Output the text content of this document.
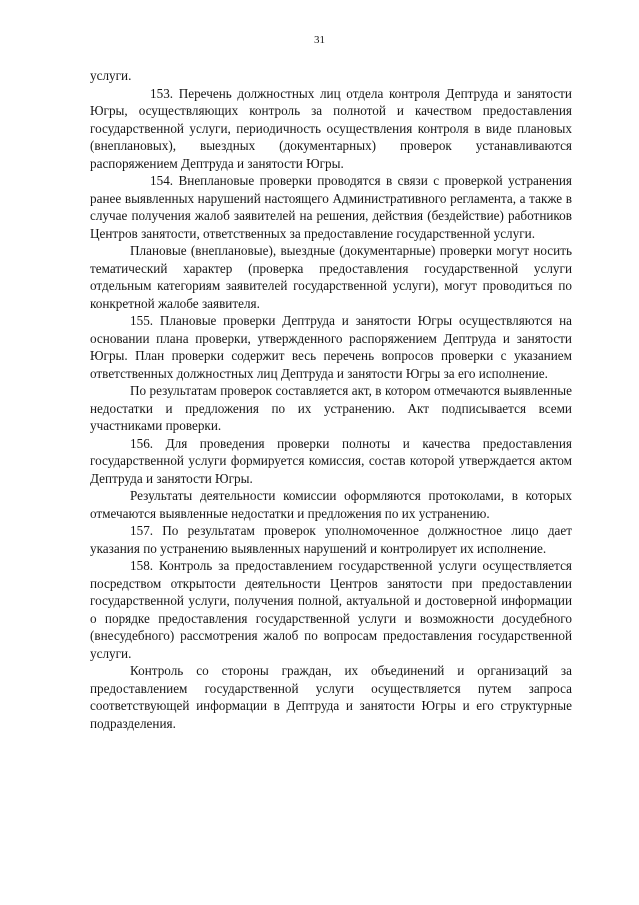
31

услуги.

153. Перечень должностных лиц отдела контроля Дептруда и занятости Югры, осуществляющих контроль за полнотой и качеством предоставления государственной услуги, периодичность осуществления контроля в виде плановых (внеплановых), выездных (документарных) проверок устанавливаются распоряжением Дептруда и занятости Югры.

154. Внеплановые проверки проводятся в связи с проверкой устранения ранее выявленных нарушений настоящего Административного регламента, а также в случае получения жалоб заявителей на решения, действия (бездействие) работников Центров занятости, ответственных за предоставление государственной услуги.

Плановые (внеплановые), выездные (документарные) проверки могут носить тематический характер (проверка предоставления государственной услуги отдельным категориям заявителей государственной услуги), могут проводиться по конкретной жалобе заявителя.

155. Плановые проверки Дептруда и занятости Югры осуществляются на основании плана проверки, утвержденного распоряжением Дептруда и занятости Югры. План проверки содержит весь перечень вопросов проверки с указанием ответственных должностных лиц Дептруда и занятости Югры за его исполнение.

По результатам проверок составляется акт, в котором отмечаются выявленные недостатки и предложения по их устранению. Акт подписывается всеми участниками проверки.

156. Для проведения проверки полноты и качества предоставления государственной услуги формируется комиссия, состав которой утверждается актом Дептруда и занятости Югры.

Результаты деятельности комиссии оформляются протоколами, в которых отмечаются выявленные недостатки и предложения по их устранению.

157. По результатам проверок уполномоченное должностное лицо дает указания по устранению выявленных нарушений и контролирует их исполнение.

158. Контроль за предоставлением государственной услуги осуществляется посредством открытости деятельности Центров занятости при предоставлении государственной услуги, получения полной, актуальной и достоверной информации о порядке предоставления государственной услуги и возможности досудебного (внесудебного) рассмотрения жалоб по вопросам предоставления государственной услуги.

Контроль со стороны граждан, их объединений и организаций за предоставлением государственной услуги осуществляется путем запроса соответствующей информации в Дептруда и занятости Югры и его структурные подразделения.
